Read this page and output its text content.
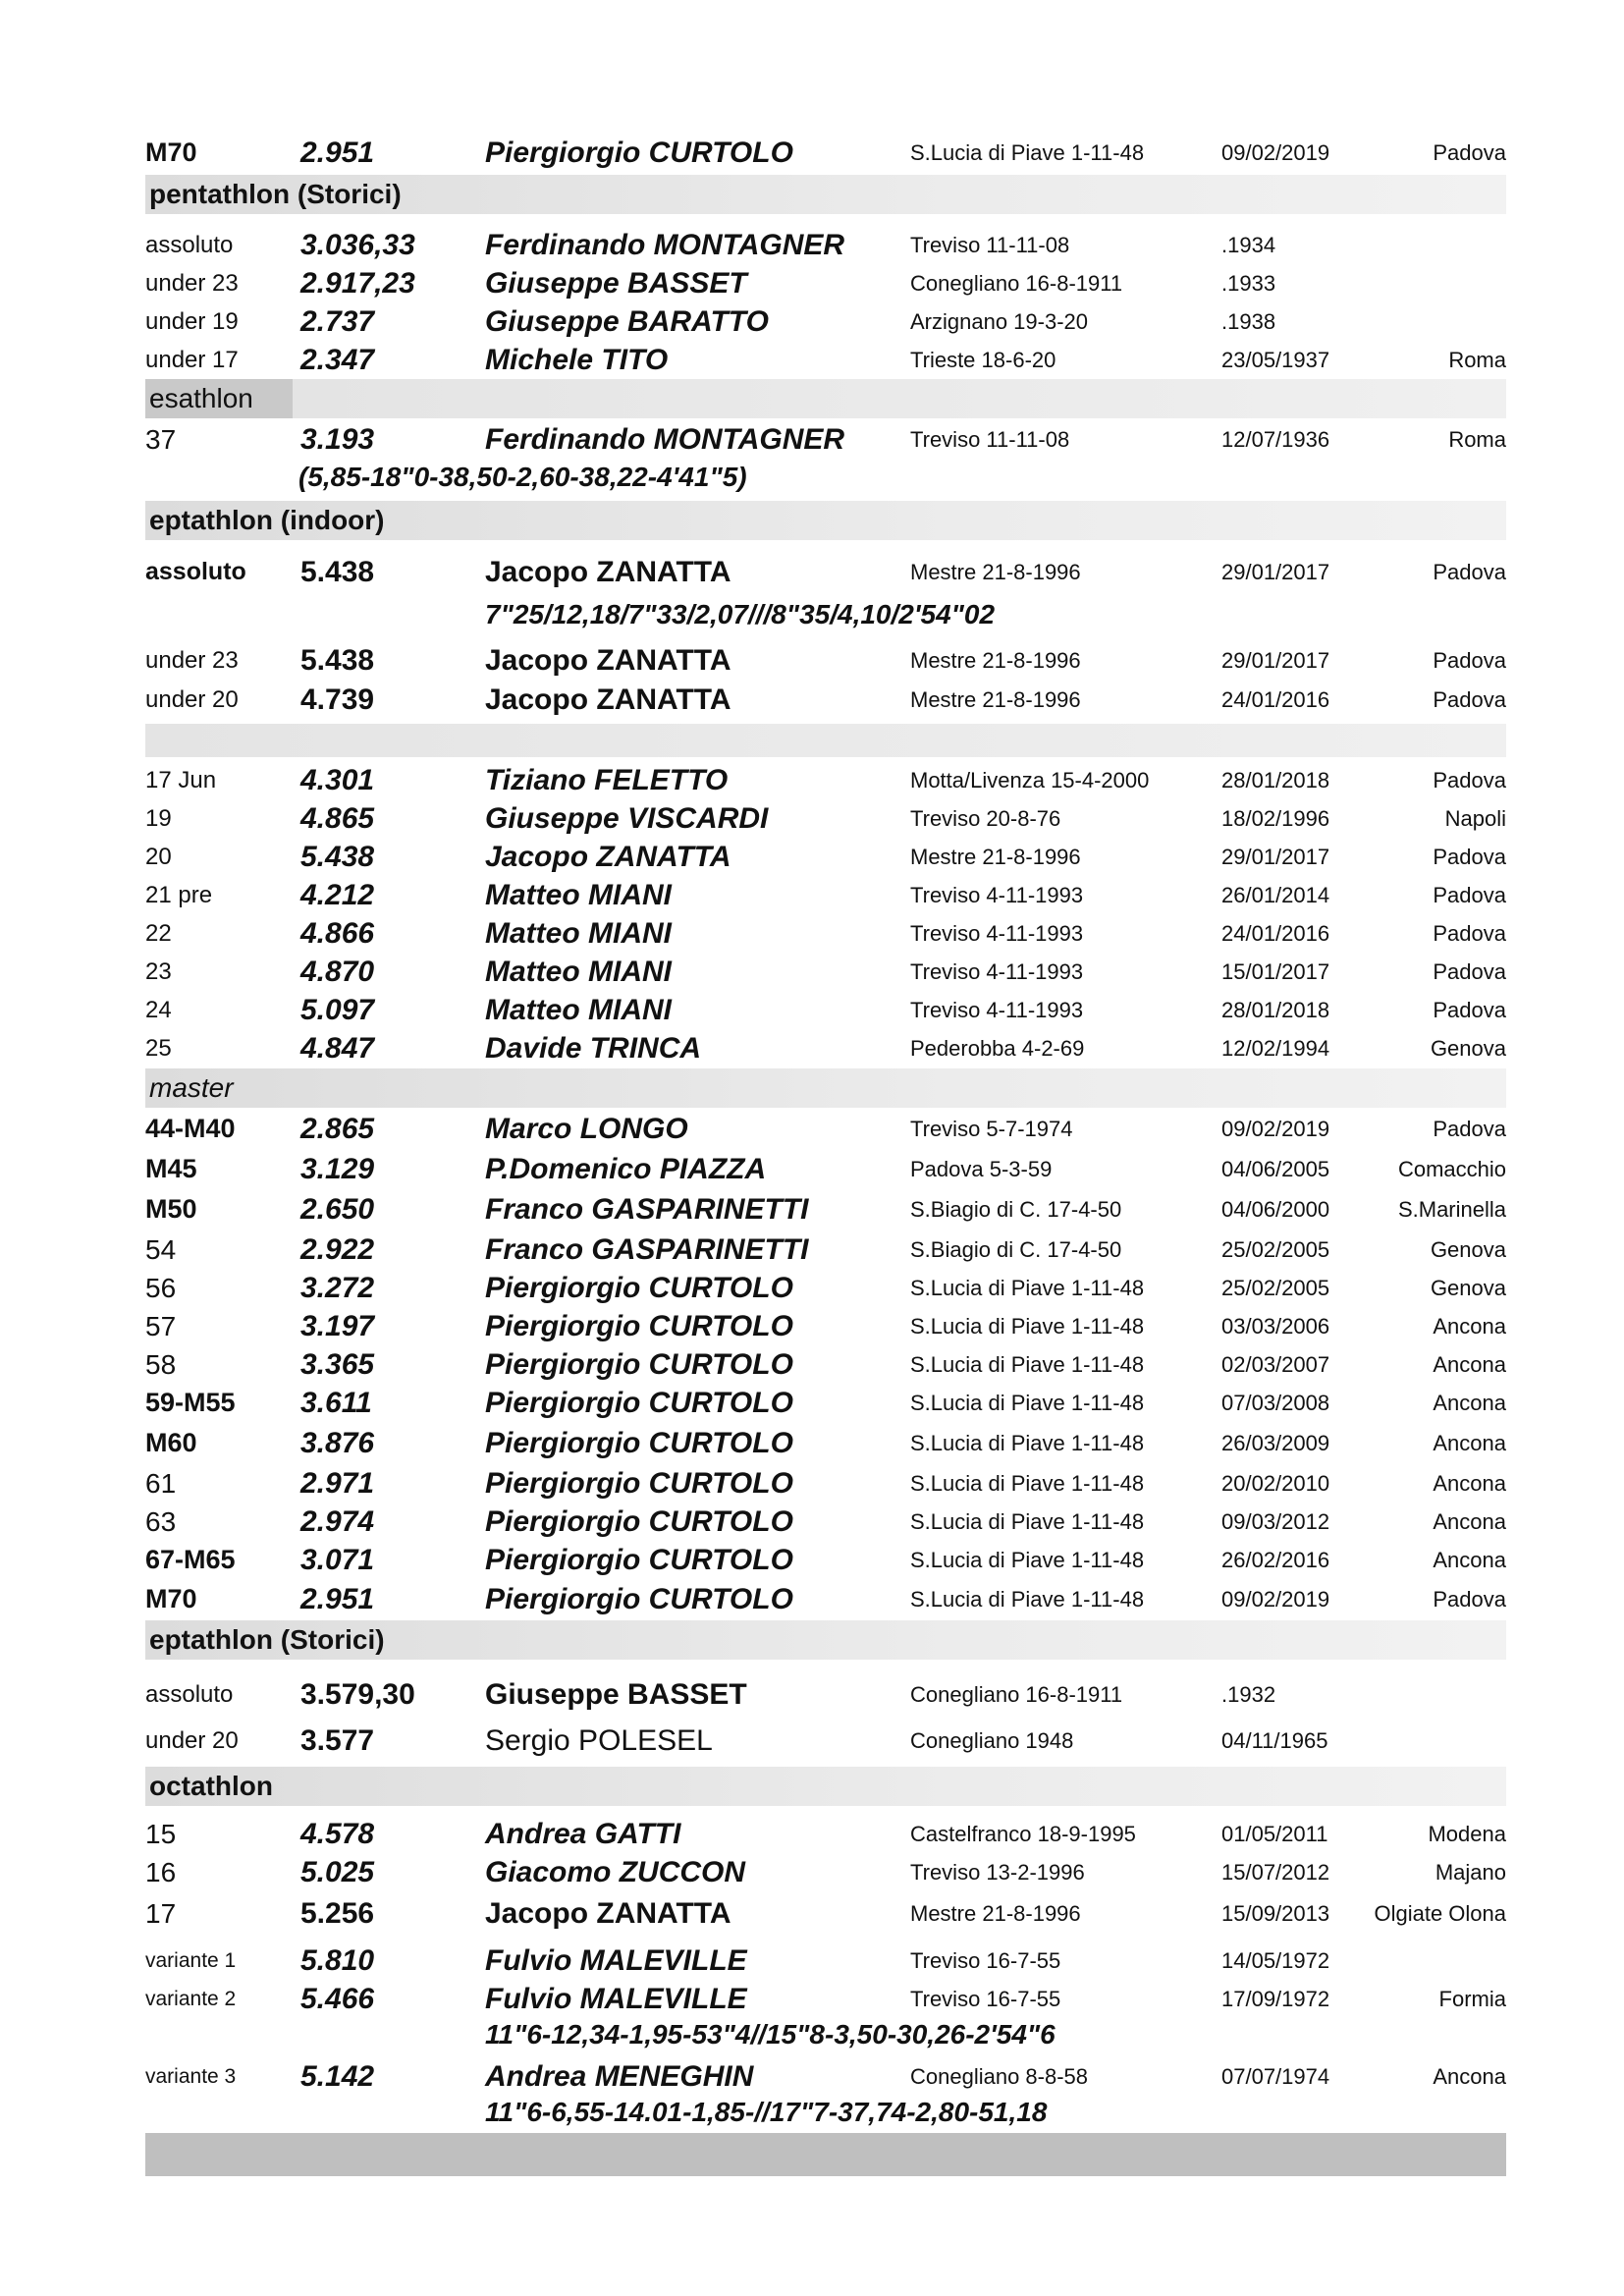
M70	2.951	Piergiorgio CURTOLO	S.Lucia di Piave 1-11-48	09/02/2019	Padova
pentathlon (Storici)
assoluto 3.036,33 Ferdinando MONTAGNER	Treviso 11-11-08	.1934
under 23 2.917,23 Giuseppe BASSET	Conegliano 16-8-1911	.1933
under 19 2.737	Giuseppe BARATTO	Arzignano 19-3-20	.1938
under 17 2.347	Michele TITO	Trieste 18-6-20	23/05/1937	Roma
esathlon
37	3.193	Ferdinando MONTAGNER	Treviso 11-11-08	12/07/1936	Roma
(5,85-18"0-38,50-2,60-38,22-4'41"5)
eptathlon (indoor)
assoluto 5.438	Jacopo ZANATTA	Mestre 21-8-1996	29/01/2017	Padova
7"25/12,18/7"33/2,07///8"35/4,10/2'54"02
under 23 5.438	Jacopo ZANATTA	Mestre 21-8-1996	29/01/2017	Padova
under 20 4.739	Jacopo ZANATTA	Mestre 21-8-1996	24/01/2016	Padova
17 Jun	4.301	Tiziano FELETTO	Motta/Livenza 15-4-2000	28/01/2018	Padova
19	4.865	Giuseppe VISCARDI	Treviso 20-8-76	18/02/1996	Napoli
20	5.438	Jacopo ZANATTA	Mestre 21-8-1996	29/01/2017	Padova
21 pre	4.212	Matteo MIANI	Treviso 4-11-1993	26/01/2014	Padova
22	4.866	Matteo MIANI	Treviso 4-11-1993	24/01/2016	Padova
23	4.870	Matteo MIANI	Treviso 4-11-1993	15/01/2017	Padova
24	5.097	Matteo MIANI	Treviso 4-11-1993	28/01/2018	Padova
25	4.847	Davide TRINCA	Pederobba 4-2-69	12/02/1994	Genova
master
44-M40 2.865	Marco LONGO	Treviso 5-7-1974	09/02/2019	Padova
M45	3.129	P.Domenico PIAZZA	Padova 5-3-59	04/06/2005	Comacchio
M50	2.650	Franco GASPARINETTI	S.Biagio di C. 17-4-50	04/06/2000	S.Marinella
54	2.922	Franco GASPARINETTI	S.Biagio di C. 17-4-50	25/02/2005	Genova
56	3.272	Piergiorgio CURTOLO	S.Lucia di Piave 1-11-48	25/02/2005	Genova
57	3.197	Piergiorgio CURTOLO	S.Lucia di Piave 1-11-48	03/03/2006	Ancona
58	3.365	Piergiorgio CURTOLO	S.Lucia di Piave 1-11-48	02/03/2007	Ancona
59-M55 3.611	Piergiorgio CURTOLO	S.Lucia di Piave 1-11-48	07/03/2008	Ancona
M60	3.876	Piergiorgio CURTOLO	S.Lucia di Piave 1-11-48	26/03/2009	Ancona
61	2.971	Piergiorgio CURTOLO	S.Lucia di Piave 1-11-48	20/02/2010	Ancona
63	2.974	Piergiorgio CURTOLO	S.Lucia di Piave 1-11-48	09/03/2012	Ancona
67-M65 3.071	Piergiorgio CURTOLO	S.Lucia di Piave 1-11-48	26/02/2016	Ancona
M70	2.951	Piergiorgio CURTOLO	S.Lucia di Piave 1-11-48	09/02/2019	Padova
eptathlon (Storici)
assoluto 3.579,30 Giuseppe BASSET	Conegliano 16-8-1911	.1932
under 20 3.577	Sergio POLESEL	Conegliano 1948	04/11/1965
octathlon
15	4.578	Andrea GATTI	Castelfranco 18-9-1995	01/05/2011	Modena
16	5.025	Giacomo ZUCCON	Treviso 13-2-1996	15/07/2012	Majano
17	5.256	Jacopo ZANATTA	Mestre 21-8-1996	15/09/2013 Olgiate Olona
variante 1 5.810	Fulvio MALEVILLE	Treviso 16-7-55	14/05/1972
variante 2 5.466	Fulvio MALEVILLE	Treviso 16-7-55	17/09/1972	Formia
11"6-12,34-1,95-53"4//15"8-3,50-30,26-2'54"6
variante 3 5.142	Andrea MENEGHIN	Conegliano 8-8-58	07/07/1974	Ancona
11"6-6,55-14.01-1,85-//17"7-37,74-2,80-51,18
